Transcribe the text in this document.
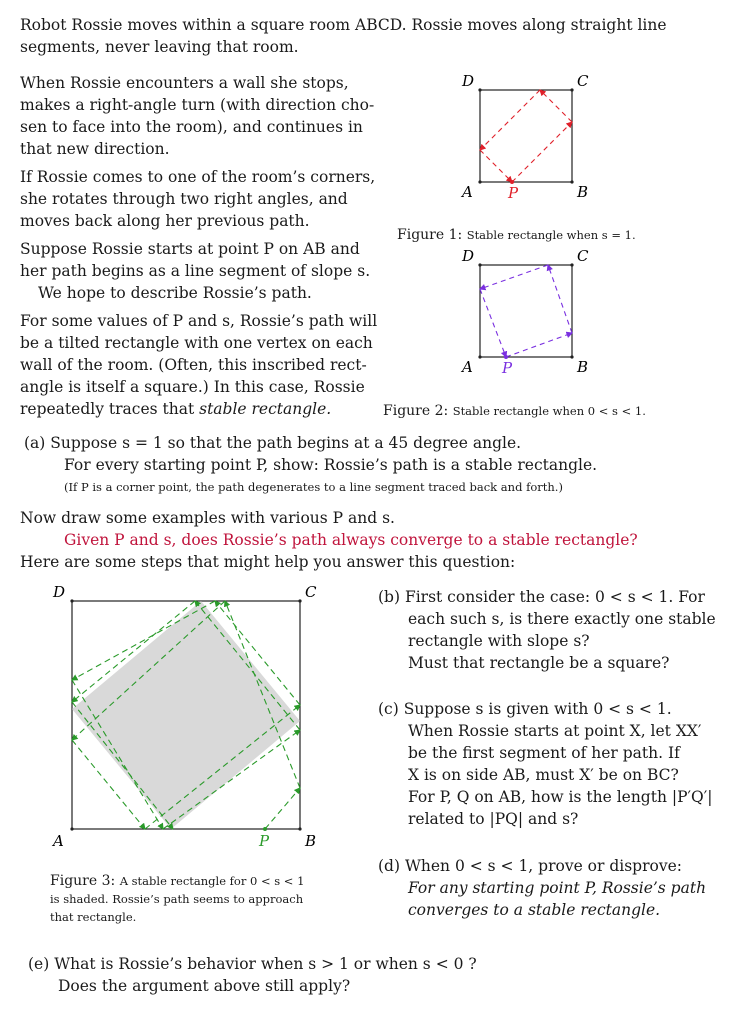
Robot Rossie moves within a square room ABCD. Rossie moves along straight line
segments, never leaving that room.
When Rossie encounters a wall she stops,
makes a right-angle turn (with direction cho-
sen to face into the room), and continues in
that new direction.
If Rossie comes to one of the room’s corners,
she rotates through two right angles, and
moves back along her previous path.
Suppose Rossie starts at point P on AB and
her path begins as a line segment of slope s.
We hope to describe Rossie’s path.
For some values of P and s, Rossie’s path will
be a tilted rectangle with one vertex on each
wall of the room. (Often, this inscribed rect-
angle is itself a square.) In this case, Rossie
repeatedly traces that stable rectangle.
D	C
A P	B
Figure 1: Stable rectangle when s = 1.
D	C
A P	B
Figure 2: Stable rectangle when 0 < s < 1.
(a) Suppose s = 1 so that the path begins at a 45 degree angle.
For every starting point P, show: Rossie’s path is a stable rectangle.
(If P is a corner point, the path degenerates to a line segment traced back and forth.)
Now draw some examples with various P and s.
Given P and s, does Rossie’s path always converge to a stable rectangle?
Here are some steps that might help you answer this question:
D	C
A	P B
Figure 3: A stable rectangle for 0 < s < 1
is shaded. Rossie’s path seems to approach
that rectangle.
(b) First consider the case: 0 < s < 1. For
each such s, is there exactly one stable
rectangle with slope s?
Must that rectangle be a square?
(c) Suppose s is given with 0 < s < 1.
When Rossie starts at point X, let XX′
be the first segment of her path. If
X is on side AB, must X′ be on BC?
For P, Q on AB, how is the length |P′Q′|
related to |PQ| and s?
(d) When 0 < s < 1, prove or disprove:
For any starting point P, Rossie’s path
converges to a stable rectangle.
(e) What is Rossie’s behavior when s > 1 or when s < 0 ?
Does the argument above still apply?
